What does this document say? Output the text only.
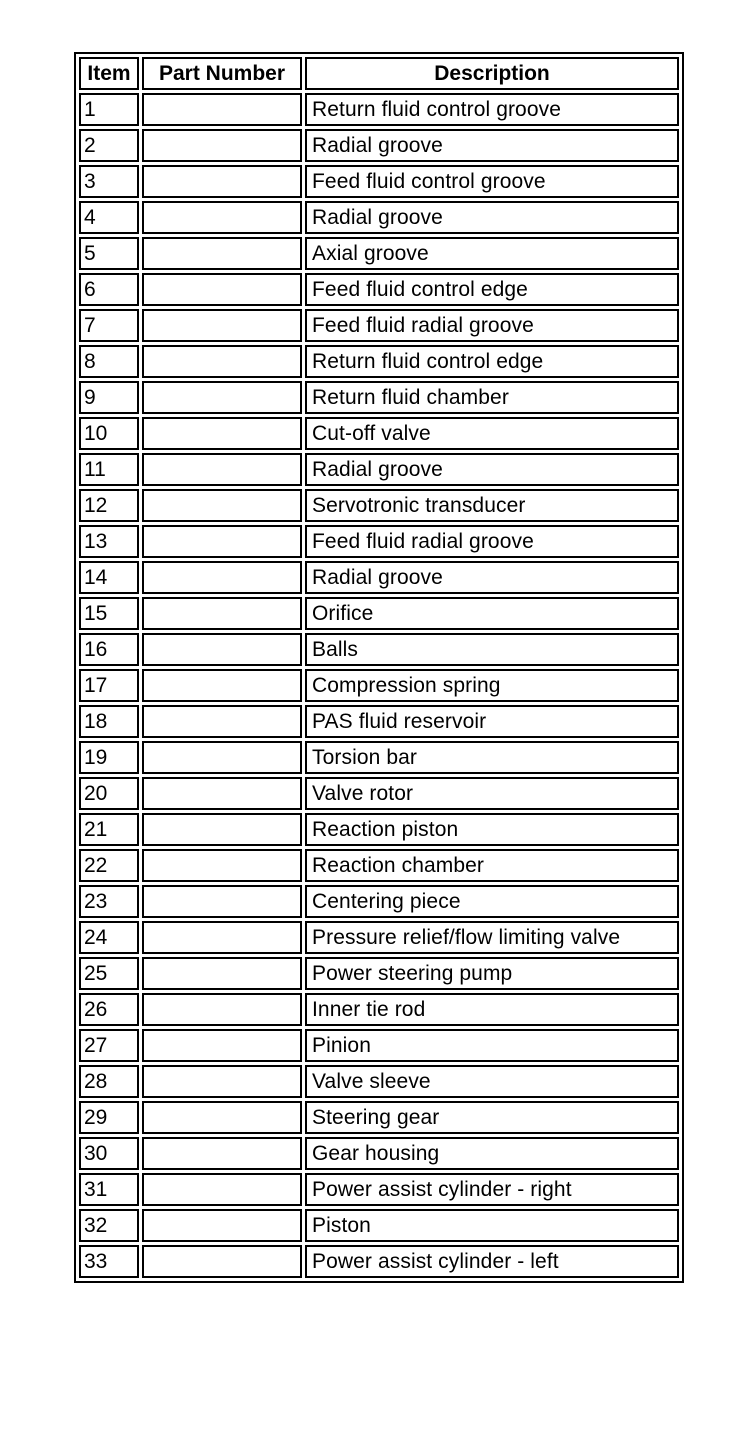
Item	Part Number	Description
1		Return fluid control groove
2		Radial groove
3		Feed fluid control groove
4		Radial groove
5		Axial groove
6		Feed fluid control edge
7		Feed fluid radial groove
8		Return fluid control edge
9		Return fluid chamber
10		Cut-off valve
11		Radial groove
12		Servotronic transducer
13		Feed fluid radial groove
14		Radial groove
15		Orifice
16		Balls
17		Compression spring
18		PAS fluid reservoir
19		Torsion bar
20		Valve rotor
21		Reaction piston
22		Reaction chamber
23		Centering piece
24		Pressure relief/flow limiting valve
25		Power steering pump
26		Inner tie rod
27		Pinion
28		Valve sleeve
29		Steering gear
30		Gear housing
31		Power assist cylinder - right
32		Piston
33		Power assist cylinder - left
